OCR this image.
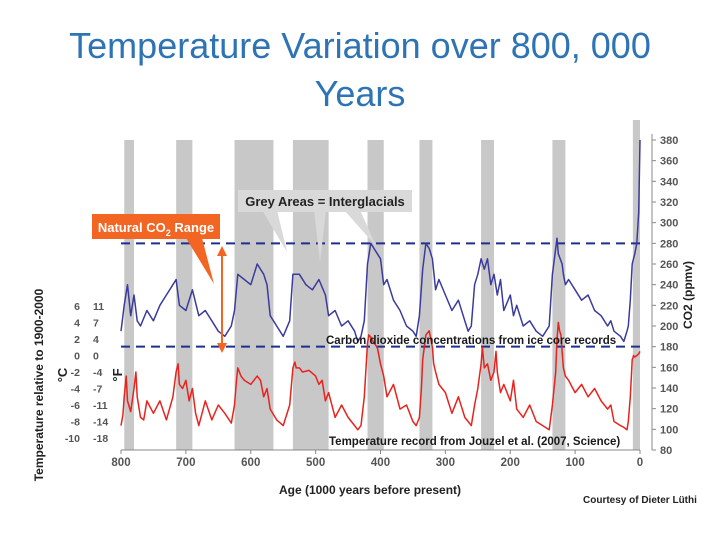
Temperature Variation over 800, 000
Years
800	700	600	500	400	300	200	100	0
380
360
340
320
300
280
260
240
220
200
180
160
140
120
100
80
6 11
4 7
2 4
0 0
-2 -4
-4 -7
-6 -11
-8 -14
-10 -18
Grey Areas = Interglacials
Natural $CO_2$ Range
Carbon dioxide concentrations from ice core records
Temperature record from Jouzel et al. (2007, Science)
Temperature relative to 1900-2000 °C	°F
CO2 (ppmv)
Age (1000 years before present)
Courtesy of Dieter Lüthi
